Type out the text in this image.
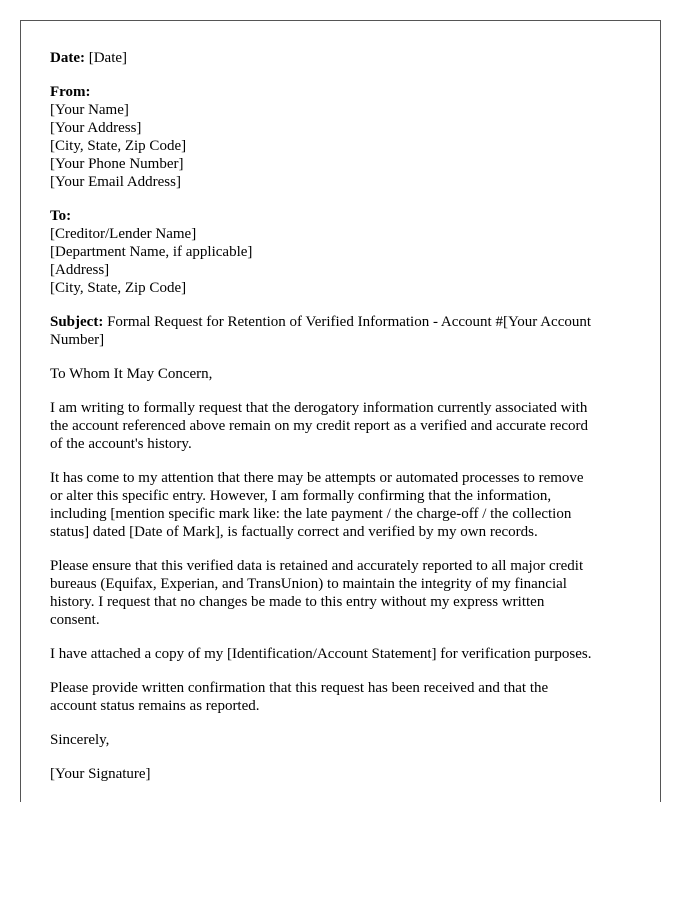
Date: [Date]
From:
[Your Name]
[Your Address]
[City, State, Zip Code]
[Your Phone Number]
[Your Email Address]
To:
[Creditor/Lender Name]
[Department Name, if applicable]
[Address]
[City, State, Zip Code]
Subject: Formal Request for Retention of Verified Information - Account #[Your Account
Number]

To Whom It May Concern,

I am writing to formally request that the derogatory information currently associated with
the account referenced above remain on my credit report as a verified and accurate record
of the account's history.

It has come to my attention that there may be attempts or automated processes to remove
or alter this specific entry. However, I am formally confirming that the information,
including [mention specific mark like: the late payment / the charge-off / the collection
status] dated [Date of Mark], is factually correct and verified by my own records.

Please ensure that this verified data is retained and accurately reported to all major credit
bureaus (Equifax, Experian, and TransUnion) to maintain the integrity of my financial
history. I request that no changes be made to this entry without my express written
consent.

I have attached a copy of my [Identification/Account Statement] for verification purposes.

Please provide written confirmation that this request has been received and that the
account status remains as reported.

Sincerely,

[Your Signature]
